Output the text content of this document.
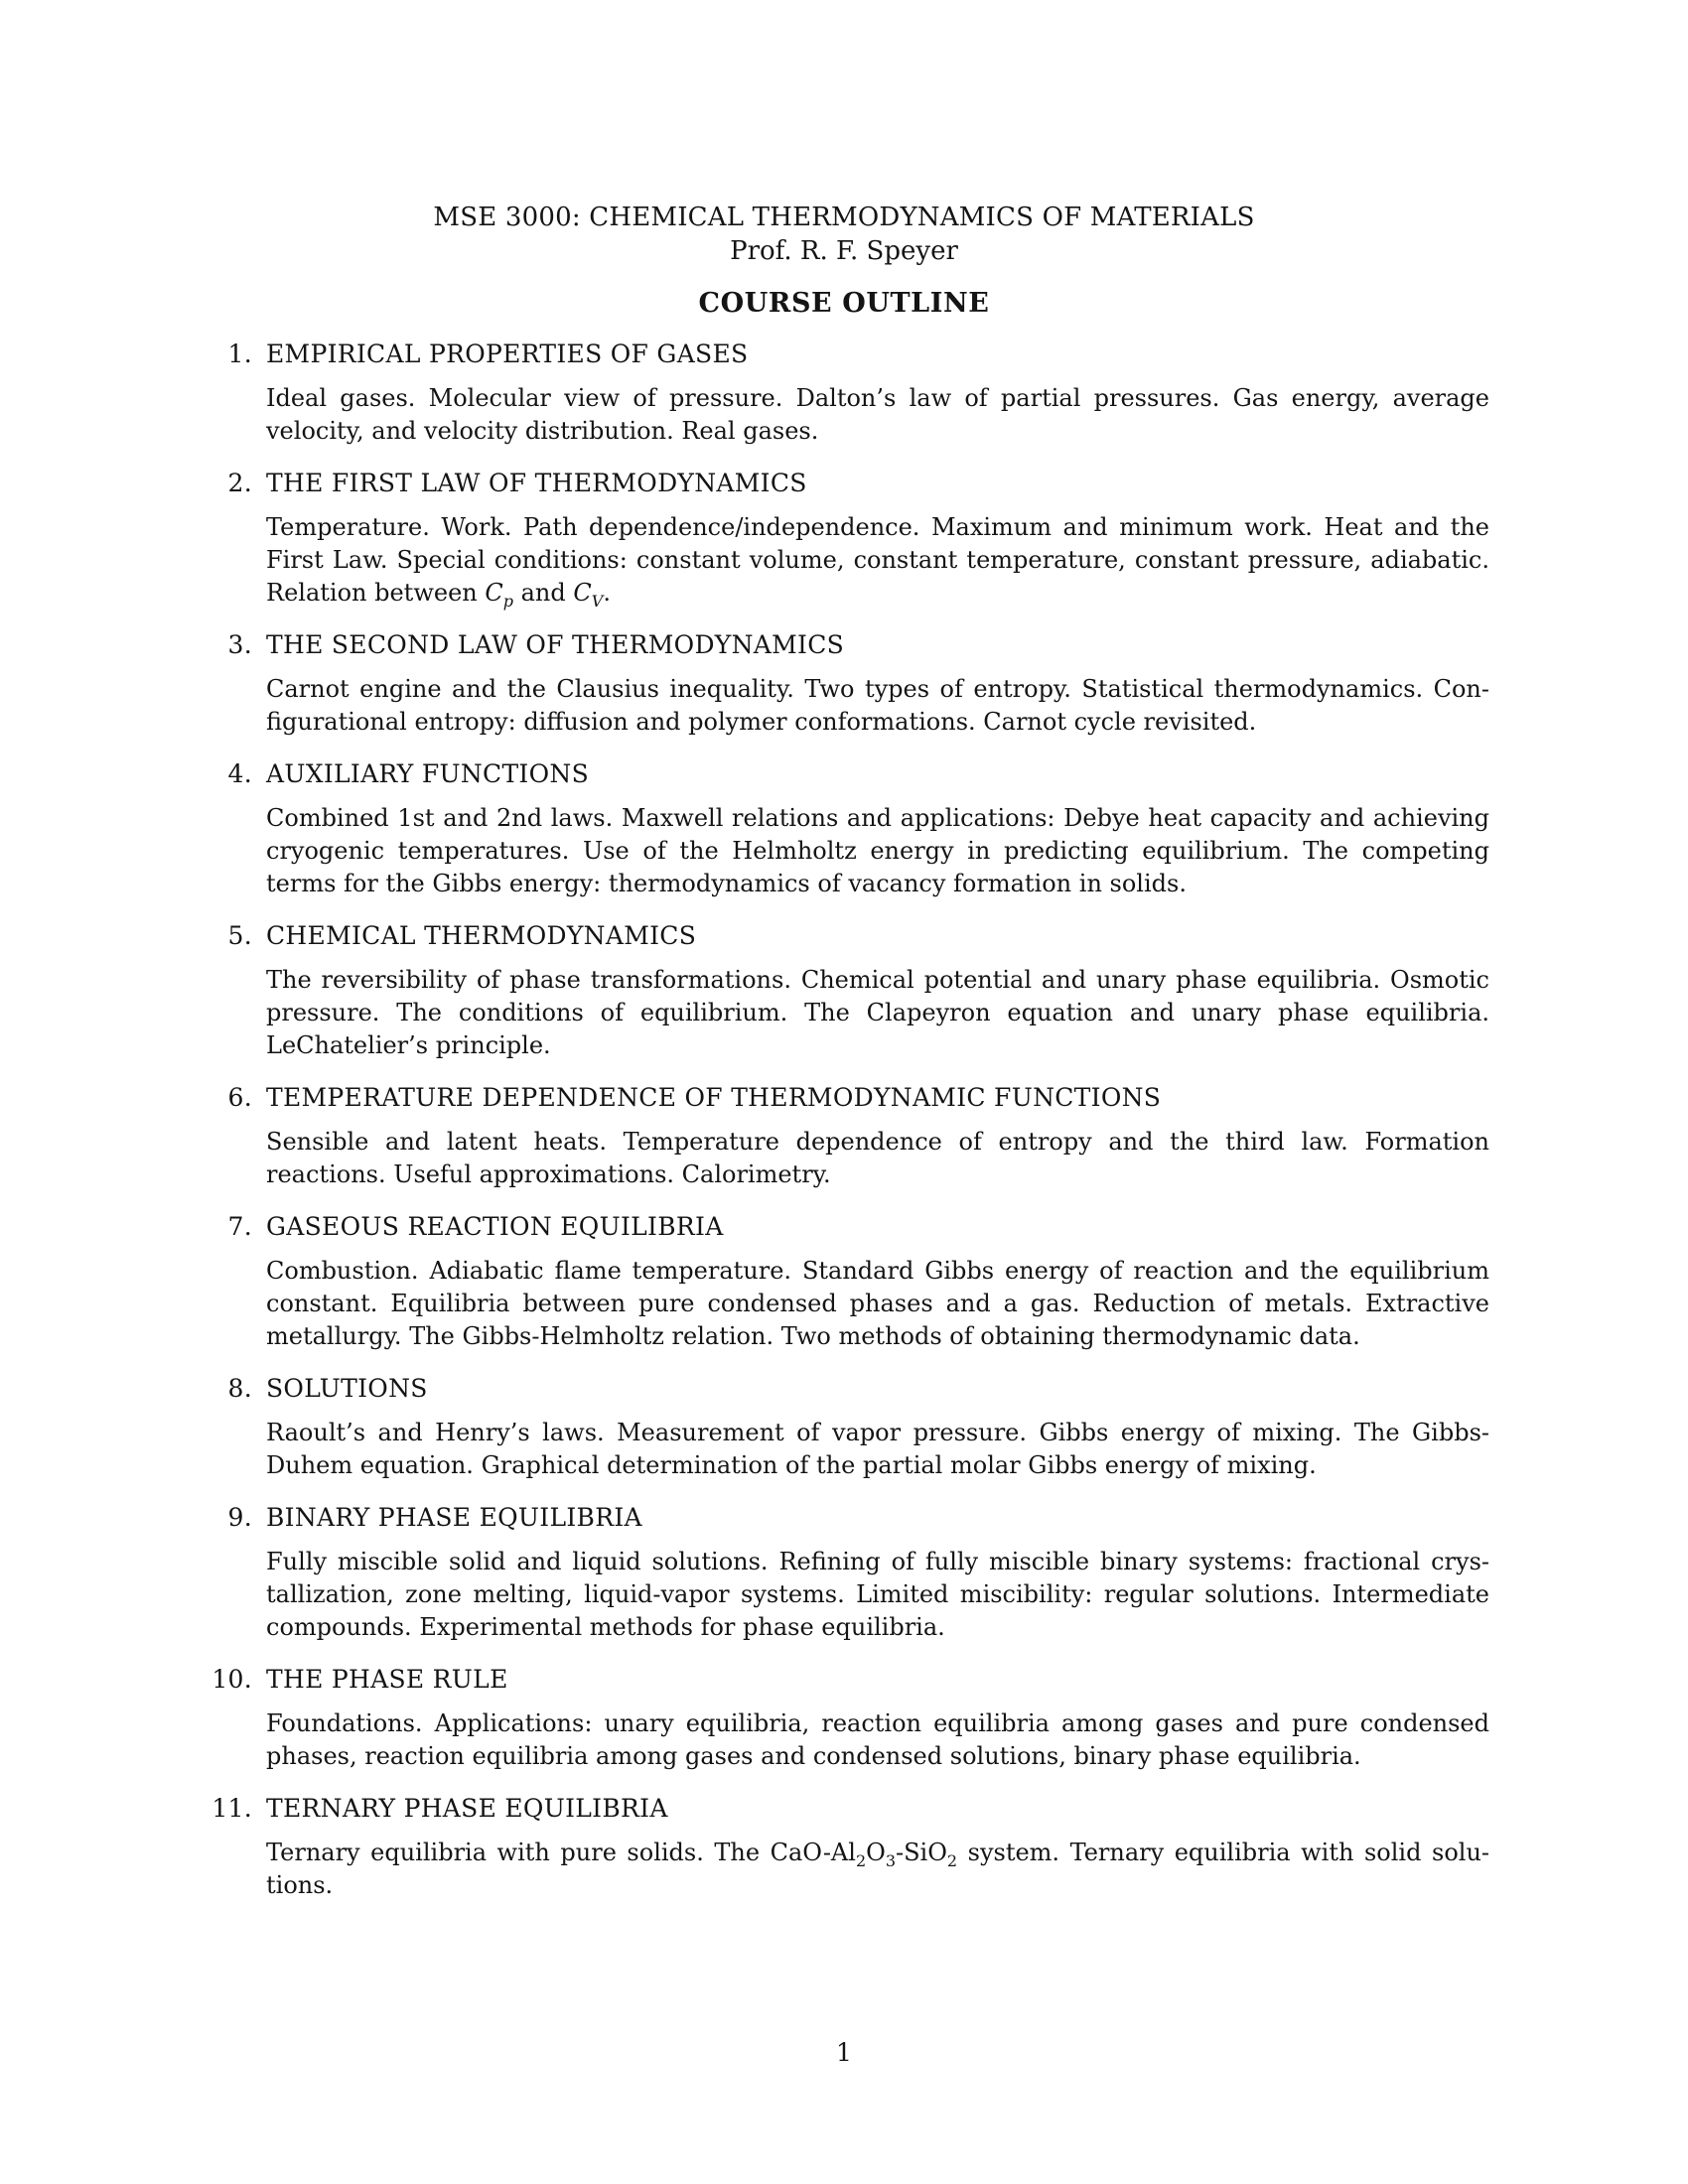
MSE 3000: CHEMICAL THERMODYNAMICS OF MATERIALS
Prof. R. F. Speyer
COURSE OUTLINE
1. EMPIRICAL PROPERTIES OF GASES
Ideal gases. Molecular view of pressure. Dalton’s law of partial pressures. Gas energy, average velocity, and velocity distribution. Real gases.
2. THE FIRST LAW OF THERMODYNAMICS
Temperature. Work. Path dependence/independence. Maximum and minimum work. Heat and the First Law. Special conditions: constant volume, constant temperature, constant pressure, adiabatic. Relation between $C_p$ and $C_V$.
3. THE SECOND LAW OF THERMODYNAMICS
Carnot engine and the Clausius inequality. Two types of entropy. Statistical thermodynamics. Configurational entropy: diffusion and polymer conformations. Carnot cycle revisited.
4. AUXILIARY FUNCTIONS
Combined 1st and 2nd laws. Maxwell relations and applications: Debye heat capacity and achieving cryogenic temperatures. Use of the Helmholtz energy in predicting equilibrium. The competing terms for the Gibbs energy: thermodynamics of vacancy formation in solids.
5. CHEMICAL THERMODYNAMICS
The reversibility of phase transformations. Chemical potential and unary phase equilibria. Osmotic pressure. The conditions of equilibrium. The Clapeyron equation and unary phase equilibria. LeChatelier’s principle.
6. TEMPERATURE DEPENDENCE OF THERMODYNAMIC FUNCTIONS
Sensible and latent heats. Temperature dependence of entropy and the third law. Formation reactions. Useful approximations. Calorimetry.
7. GASEOUS REACTION EQUILIBRIA
Combustion. Adiabatic flame temperature. Standard Gibbs energy of reaction and the equilibrium constant. Equilibria between pure condensed phases and a gas. Reduction of metals. Extractive metallurgy. The Gibbs-Helmholtz relation. Two methods of obtaining thermodynamic data.
8. SOLUTIONS
Raoult’s and Henry’s laws. Measurement of vapor pressure. Gibbs energy of mixing. The Gibbs-Duhem equation. Graphical determination of the partial molar Gibbs energy of mixing.
9. BINARY PHASE EQUILIBRIA
Fully miscible solid and liquid solutions. Refining of fully miscible binary systems: fractional crystallization, zone melting, liquid-vapor systems. Limited miscibility: regular solutions. Intermediate compounds. Experimental methods for phase equilibria.
10. THE PHASE RULE
Foundations. Applications: unary equilibria, reaction equilibria among gases and pure condensed phases, reaction equilibria among gases and condensed solutions, binary phase equilibria.
11. TERNARY PHASE EQUILIBRIA
Ternary equilibria with pure solids. The CaO-$Al_2O_3-SiO_2$ system. Ternary equilibria with solid solutions.
1
